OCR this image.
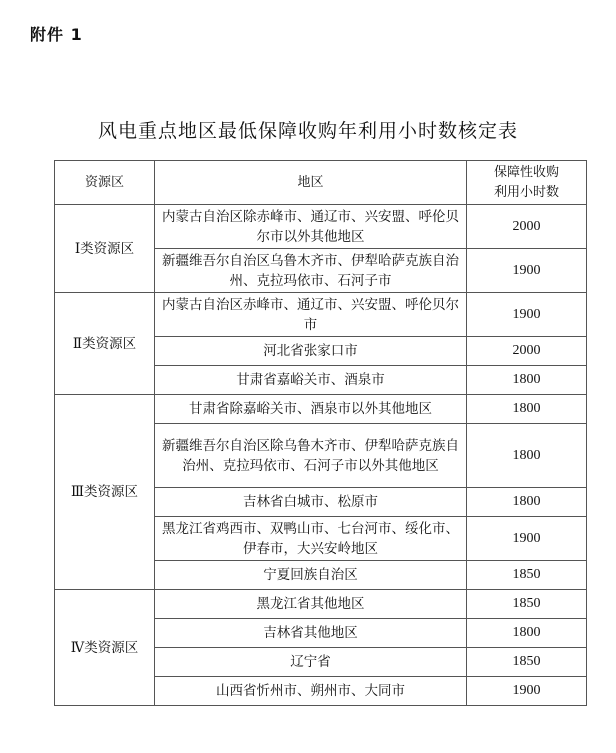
附件 1
风电重点地区最低保障收购年利用小时数核定表
资源区	地区	保障性收购
利用小时数
Ⅰ类资源区	内蒙古自治区除赤峰市、通辽市、兴安盟、呼伦贝尔市以外其他地区	2000
	新疆维吾尔自治区乌鲁木齐市、伊犁哈萨克族自治州、克拉玛依市、石河子市	1900
Ⅱ类资源区	内蒙古自治区赤峰市、通辽市、兴安盟、呼伦贝尔市	1900
	河北省张家口市	2000
	甘肃省嘉峪关市、酒泉市	1800
Ⅲ类资源区	甘肃省除嘉峪关市、酒泉市以外其他地区	1800
	新疆维吾尔自治区除乌鲁木齐市、伊犁哈萨克族自治州、克拉玛依市、石河子市以外其他地区	1800
	吉林省白城市、松原市	1800
	黑龙江省鸡西市、双鸭山市、七台河市、绥化市、伊春市，大兴安岭地区	1900
	宁夏回族自治区	1850
Ⅳ类资源区	黑龙江省其他地区	1850
	吉林省其他地区	1800
	辽宁省	1850
	山西省忻州市、朔州市、大同市	1900
